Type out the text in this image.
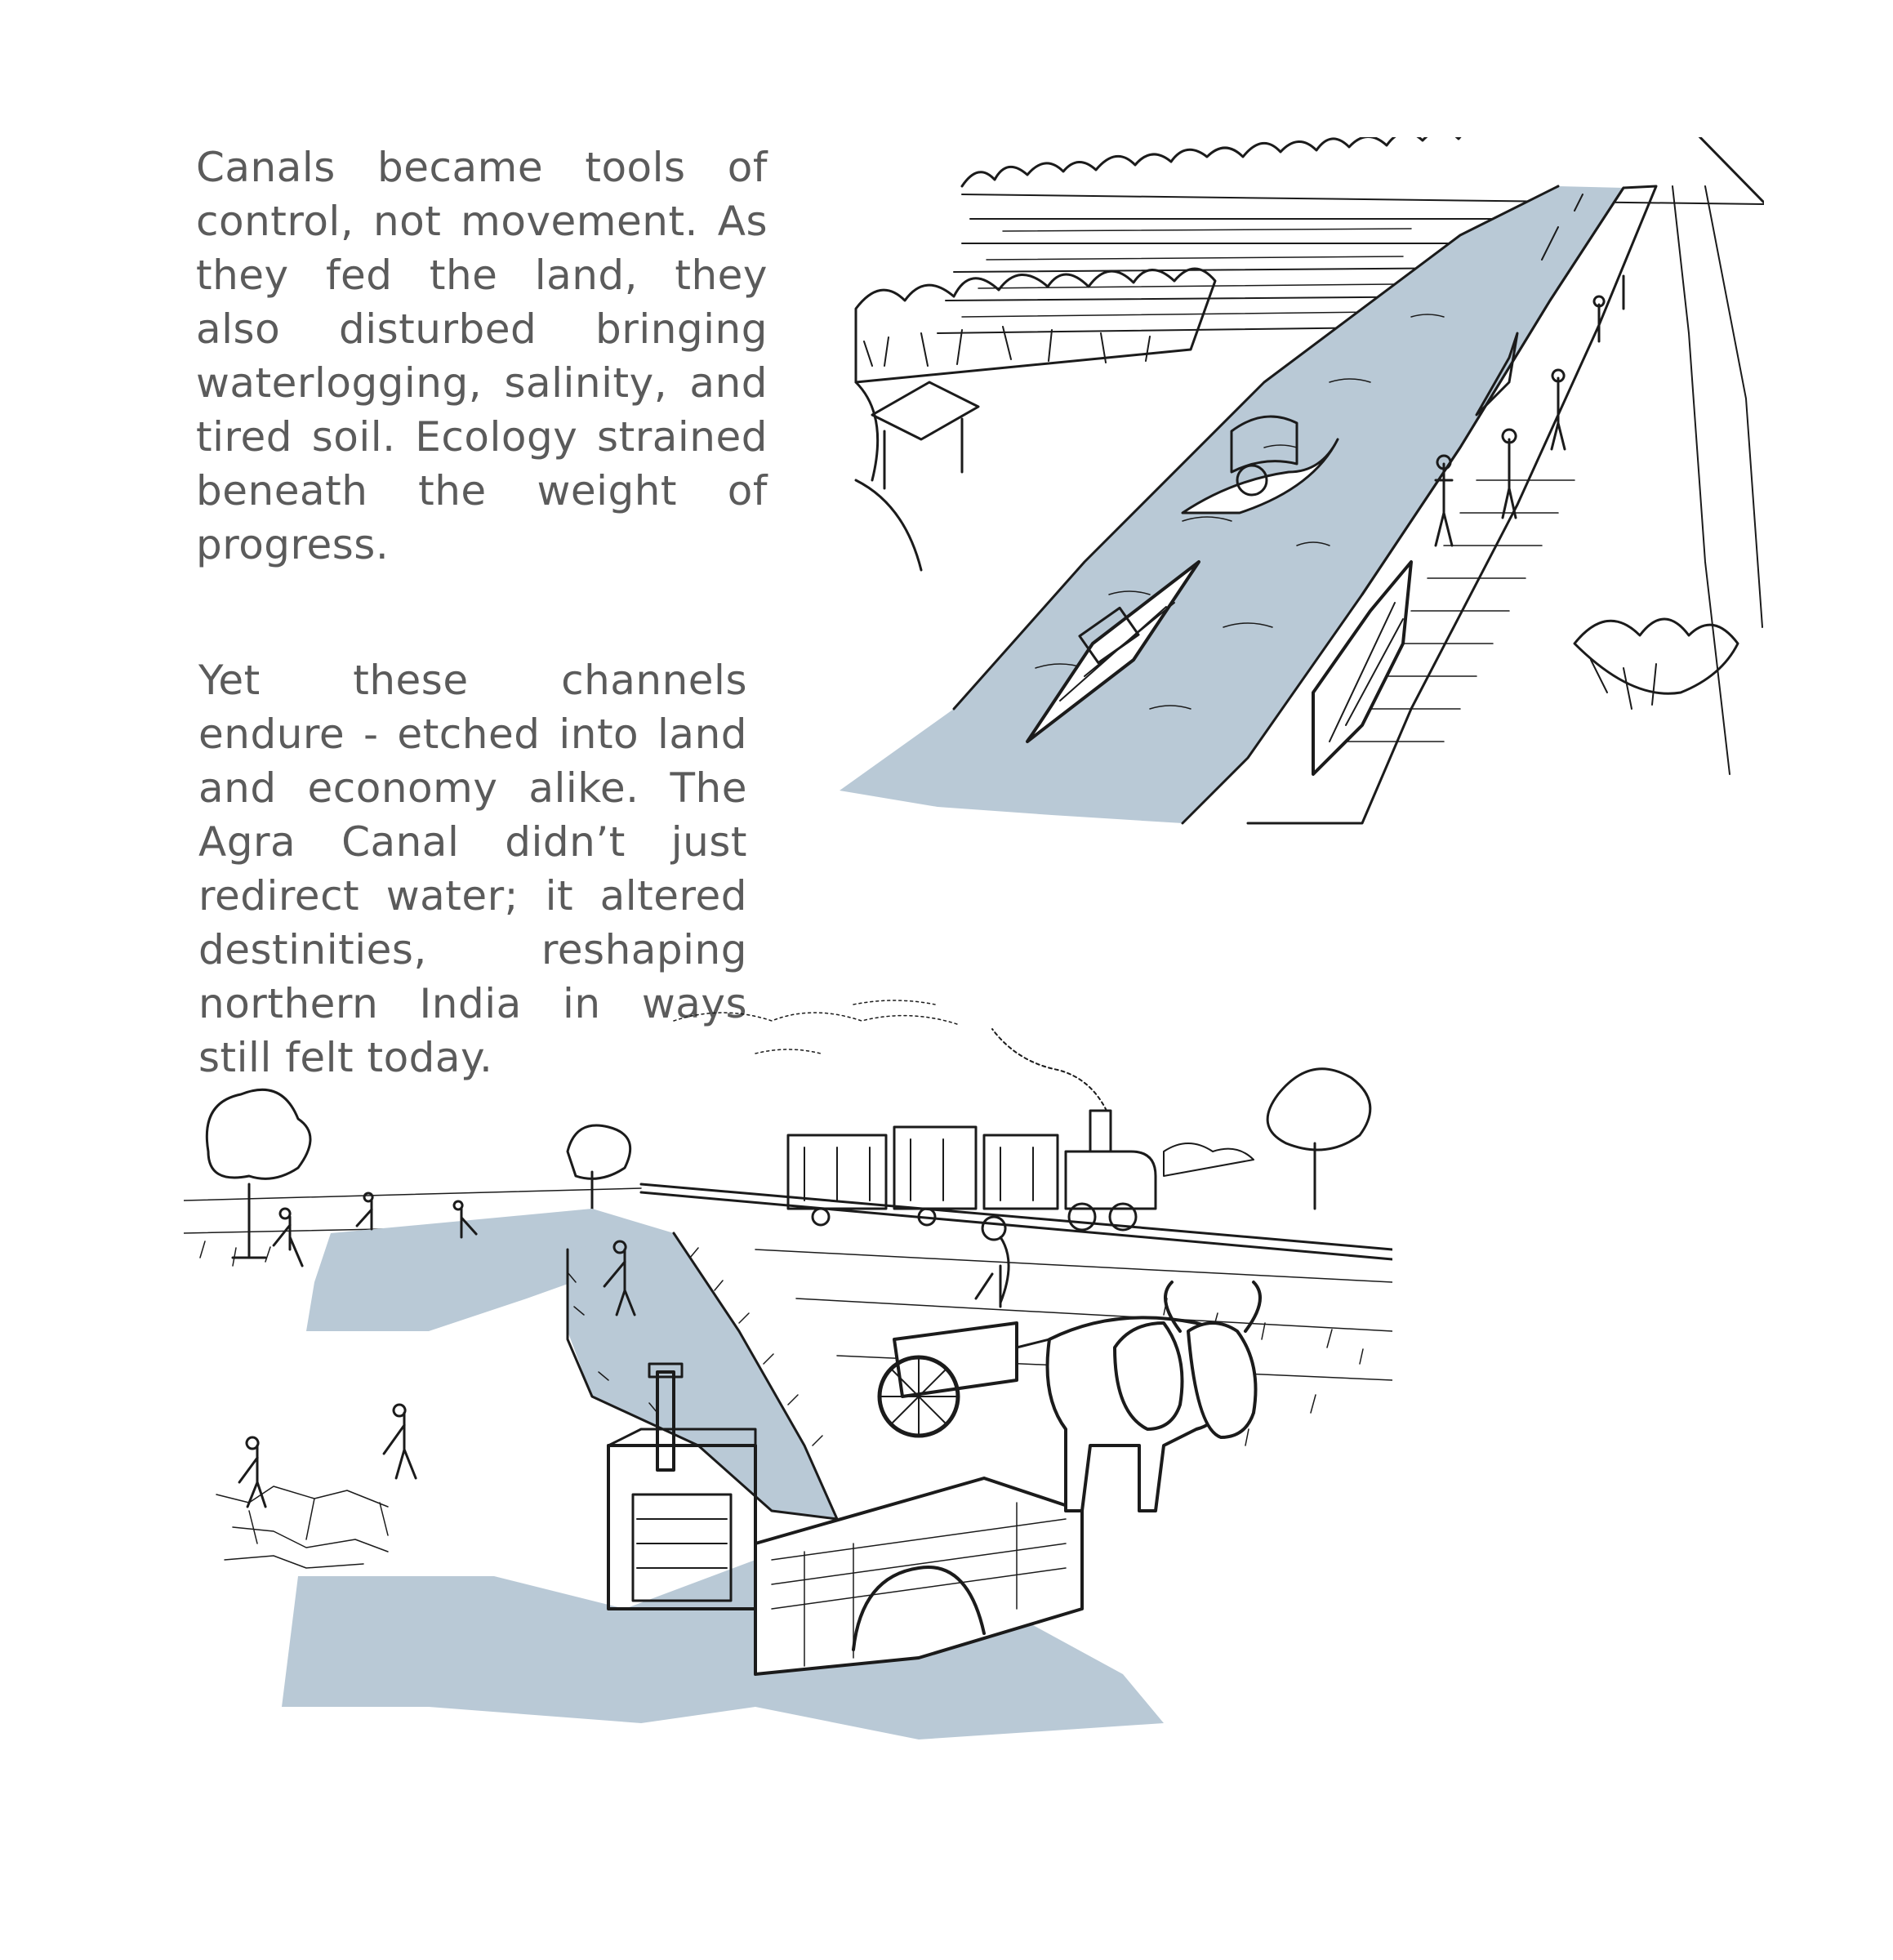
Canals became tools of control, not movement. As they fed the land, they also disturbed bringing waterlogging, salinity, and tired soil. Ecology strained beneath the weight of progress.

Yet these channels endure - etched into land and economy alike. The Agra Canal didn’t just redirect water; it altered destinities, reshaping northern India in ways still felt today.
